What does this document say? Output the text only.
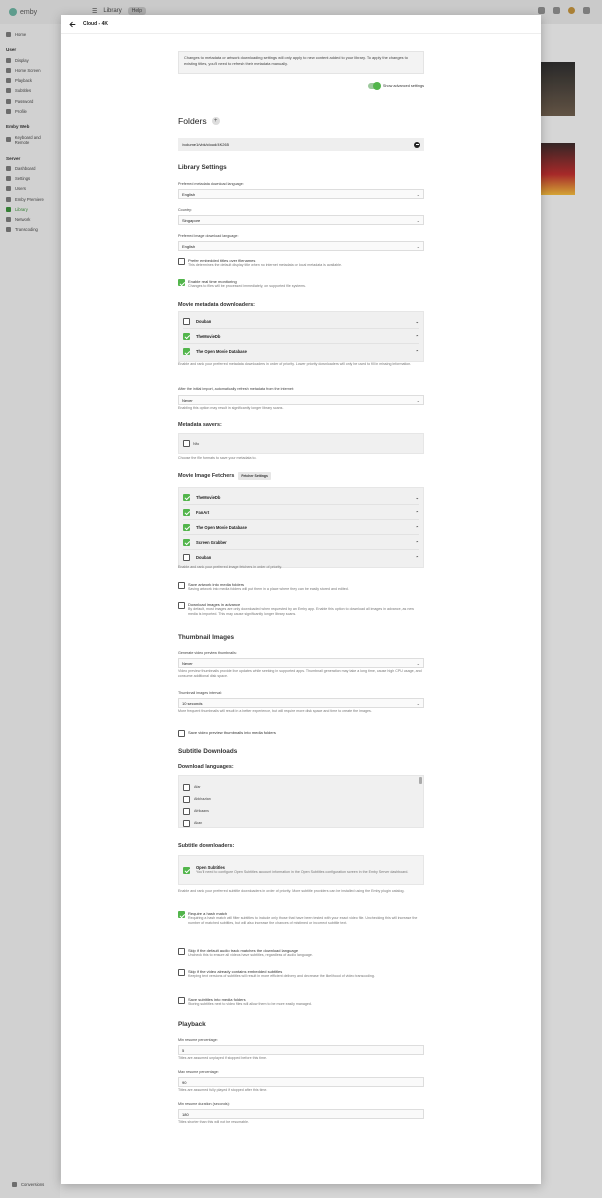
emby	☰ Library	Help
Home
User
Display
Home Screen
Playback
Subtitles
Password
Profile
Emby Web
Keyboard and Remote
Server
Dashboard
Settings
Users
Emby Premiere
Library
Network
Transcoding
Conversions
Cloud - 4K
Changes to metadata or artwork downloading settings will only apply to new content added to your library. To apply the changes to existing titles, you'll need to refresh their metadata manually.
Show advanced settings
Folders	+
/volume1/vbk/cloud/4K265
Library Settings
Preferred metadata download language:
English	⌄
Country:
Singapore	⌄
Preferred image download language:
English	⌄
Prefer embedded titles over filenames
This determines the default display title when no internet metadata or local metadata is available.
Enable real time monitoring
Changes to files will be processed immediately, on supported file systems.
Movie metadata downloaders:
Douban	⌄
TheMovieDb	⌃
The Open Movie Database	⌃
Enable and rank your preferred metadata downloaders in order of priority. Lower priority downloaders will only be used to fill in missing information.
After the initial import, automatically refresh metadata from the internet:
Never	⌄
Enabling this option may result in significantly longer library scans.
Metadata savers:
Nfo
Choose the file formats to save your metadata to.
Movie Image Fetchers	Fetcher Settings
TheMovieDb	⌄
FanArt	⌃
The Open Movie Database	⌃
Screen Grabber	⌃
Douban	⌃
Enable and rank your preferred image fetchers in order of priority.
Save artwork into media folders
Saving artwork into media folders will put them in a place where they can be easily stored and edited.
Download images in advance
By default, most images are only downloaded when requested by an Emby app. Enable this option to download all images in advance, as new media is imported. This may cause significantly longer library scans.
Thumbnail Images
Generate video preview thumbnails:
Never	⌄
Video preview thumbnails provide live updates while seeking in supported apps. Thumbnail generation may take a long time, cause high CPU usage, and consume additional disk space.
Thumbnail images interval:
10 seconds	⌄
More frequent thumbnails will result in a better experience, but will require more disk space and time to create the images.
Save video preview thumbnails into media folders
Subtitle Downloads
Download languages:
Afar
Abkhazian
Afrikaans
Akan
Subtitle downloaders:
Open Subtitles
You'll need to configure Open Subtitles account information in the Open Subtitles configuration screen in the Emby Server dashboard.
Enable and rank your preferred subtitle downloaders in order of priority. More subtitle providers can be installed using the Emby plugin catalog.
Require a hash match
Requiring a hash match will filter subtitles to include only those that have been tested with your exact video file. Unchecking this will increase the number of matched subtitles, but will also increase the chances of mistimed or incorrect subtitle text.
Skip if the default audio track matches the download language
Uncheck this to ensure all videos have subtitles, regardless of audio language.
Skip if the video already contains embedded subtitles
Keeping text versions of subtitles will result in more efficient delivery and decrease the likelihood of video transcoding.
Save subtitles into media folders
Storing subtitles next to video files will allow them to be more easily managed.
Playback
Min resume percentage:
5
Titles are assumed unplayed if stopped before this time.
Max resume percentage:
90
Titles are assumed fully played if stopped after this time.
Min resume duration (seconds):
180
Titles shorter than this will not be resumable.
